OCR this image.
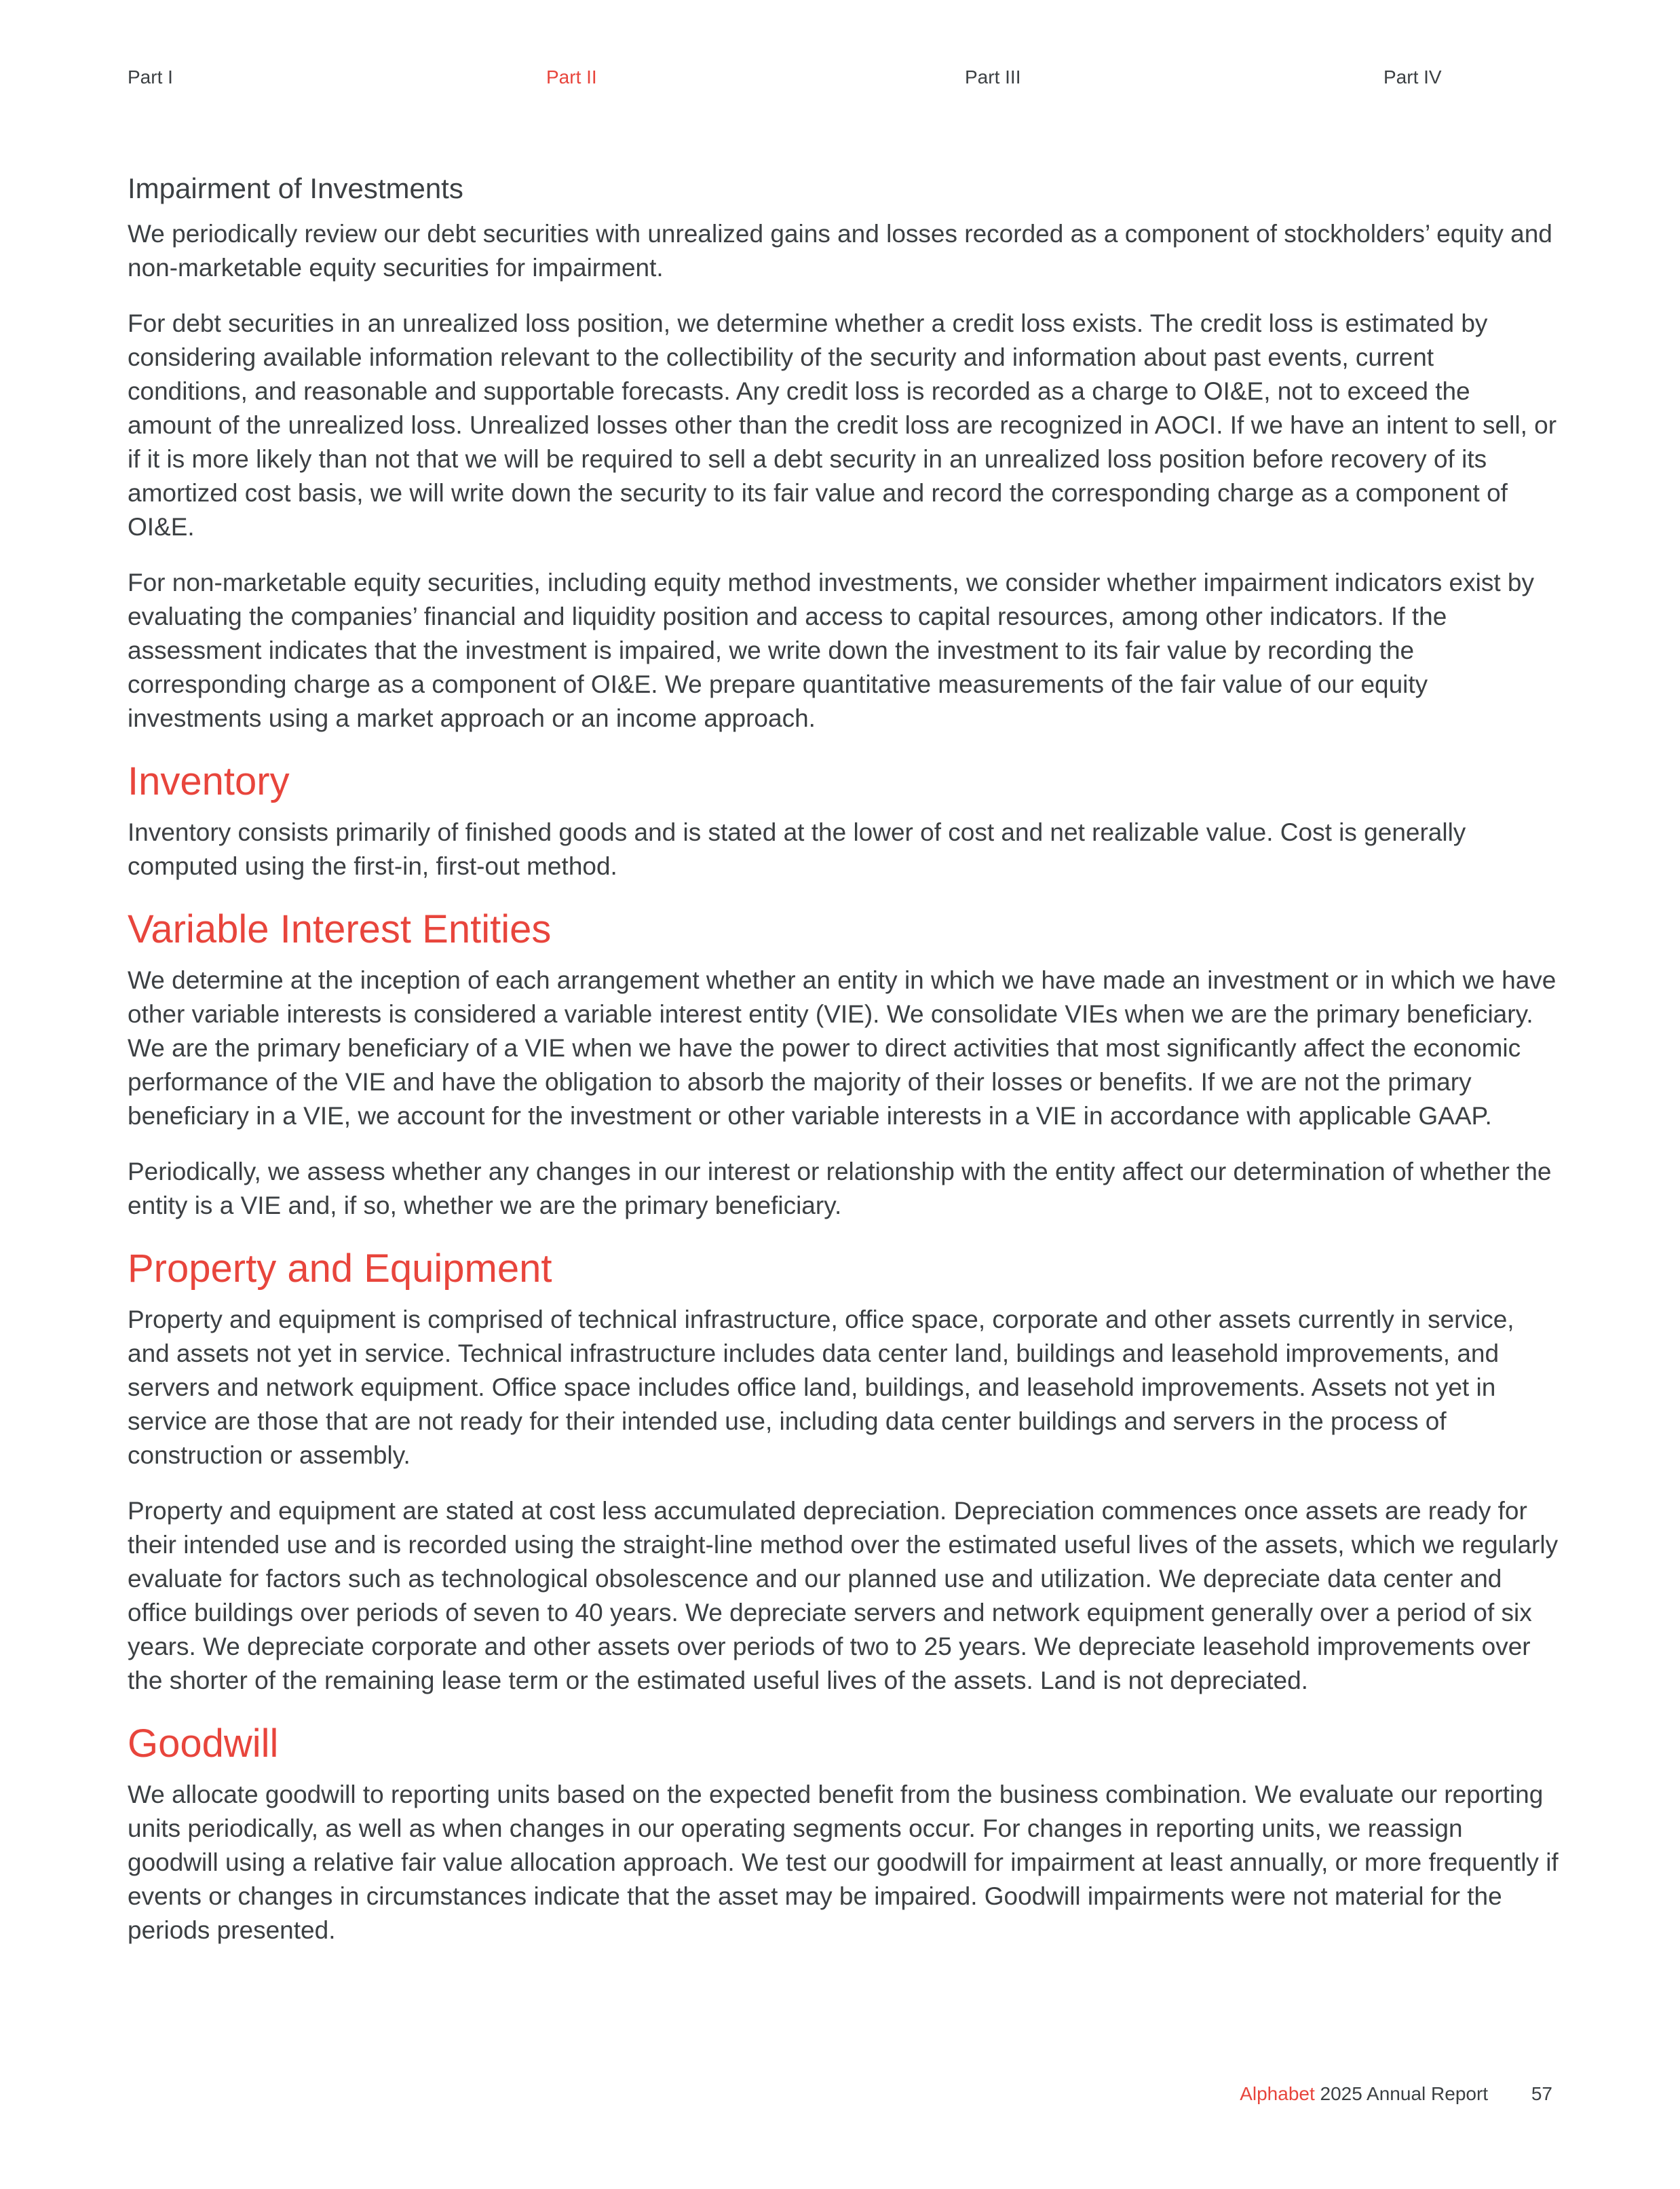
Part I	Part II	Part III	Part IV
Impairment of Investments

We periodically review our debt securities with unrealized gains and losses recorded as a component of stockholders’ equity and non-marketable equity securities for impairment.

For debt securities in an unrealized loss position, we determine whether a credit loss exists. The credit loss is estimated by considering available information relevant to the collectibility of the security and information about past events, current conditions, and reasonable and supportable forecasts. Any credit loss is recorded as a charge to OI&E, not to exceed the amount of the unrealized loss. Unrealized losses other than the credit loss are recognized in AOCI. If we have an intent to sell, or if it is more likely than not that we will be required to sell a debt security in an unrealized loss position before recovery of its amortized cost basis, we will write down the security to its fair value and record the corresponding charge as a component of OI&E.

For non-marketable equity securities, including equity method investments, we consider whether impairment indicators exist by evaluating the companies’ financial and liquidity position and access to capital resources, among other indicators. If the assessment indicates that the investment is impaired, we write down the investment to its fair value by recording the corresponding charge as a component of OI&E. We prepare quantitative measurements of the fair value of our equity investments using a market approach or an income approach.

Inventory

Inventory consists primarily of finished goods and is stated at the lower of cost and net realizable value. Cost is generally computed using the first-in, first-out method.

Variable Interest Entities

We determine at the inception of each arrangement whether an entity in which we have made an investment or in which we have other variable interests is considered a variable interest entity (VIE). We consolidate VIEs when we are the primary beneficiary. We are the primary beneficiary of a VIE when we have the power to direct activities that most significantly affect the economic performance of the VIE and have the obligation to absorb the majority of their losses or benefits. If we are not the primary beneficiary in a VIE, we account for the investment or other variable interests in a VIE in accordance with applicable GAAP.

Periodically, we assess whether any changes in our interest or relationship with the entity affect our determination of whether the entity is a VIE and, if so, whether we are the primary beneficiary.

Property and Equipment

Property and equipment is comprised of technical infrastructure, office space, corporate and other assets currently in service, and assets not yet in service. Technical infrastructure includes data center land, buildings and leasehold improvements, and servers and network equipment. Office space includes office land, buildings, and leasehold improvements. Assets not yet in service are those that are not ready for their intended use, including data center buildings and servers in the process of construction or assembly.

Property and equipment are stated at cost less accumulated depreciation. Depreciation commences once assets are ready for their intended use and is recorded using the straight-line method over the estimated useful lives of the assets, which we regularly evaluate for factors such as technological obsolescence and our planned use and utilization. We depreciate data center and office buildings over periods of seven to 40 years. We depreciate servers and network equipment generally over a period of six years. We depreciate corporate and other assets over periods of two to 25 years. We depreciate leasehold improvements over the shorter of the remaining lease term or the estimated useful lives of the assets. Land is not depreciated.

Goodwill

We allocate goodwill to reporting units based on the expected benefit from the business combination. We evaluate our reporting units periodically, as well as when changes in our operating segments occur. For changes in reporting units, we reassign goodwill using a relative fair value allocation approach. We test our goodwill for impairment at least annually, or more frequently if events or changes in circumstances indicate that the asset may be impaired. Goodwill impairments were not material for the periods presented.

Alphabet 2025 Annual Report 57
